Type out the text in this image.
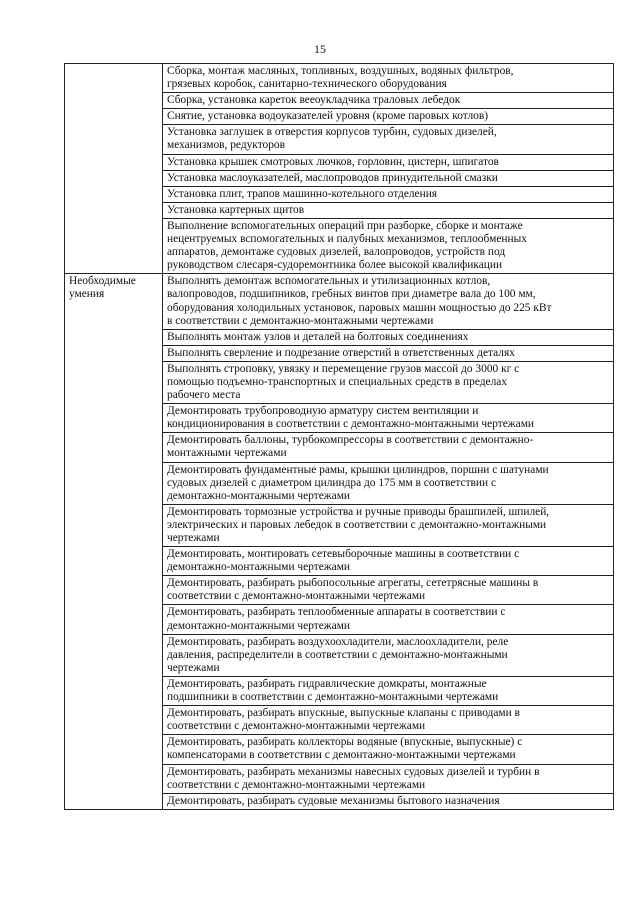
15
	Сборка, монтаж масляных, топливных, воздушных, водяных фильтров,
грязевых коробок, санитарно-технического оборудования
	Сборка, установка кареток вееоукладчика траловых лебедок
	Снятие, установка водоуказателей уровня (кроме паровых котлов)
	Установка заглушек в отверстия корпусов турбин, судовых дизелей,
механизмов, редукторов
	Установка крышек смотровых лючков, горловин, цистерн, шпигатов
	Установка маслоуказателей, маслопроводов принудительной смазки
	Установка плит, трапов машинно-котельного отделения
	Установка картерных щитов
	Выполнение вспомогательных операций при разборке, сборке и монтаже
нецентруемых вспомогательных и палубных механизмов, теплообменных
аппаратов, демонтаже судовых дизелей, валопроводов, устройств под
руководством слесаря-судоремонтника более высокой квалификации
Необходимые
умения	Выполнять демонтаж вспомогательных и утилизационных котлов,
валопроводов, подшипников, гребных винтов при диаметре вала до 100 мм,
оборудования холодильных установок, паровых машин мощностью до 225 кВт
в соответствии с демонтажно-монтажными чертежами
	Выполнять монтаж узлов и деталей на болтовых соединениях
	Выполнять сверление и подрезание отверстий в ответственных деталях
	Выполнять строповку, увязку и перемещение грузов массой до 3000 кг с
помощью подъемно-транспортных и специальных средств в пределах
рабочего места
	Демонтировать трубопроводную арматуру систем вентиляции и
кондиционирования в соответствии с демонтажно-монтажными чертежами
	Демонтировать баллоны, турбокомпрессоры в соответствии с демонтажно-
монтажными чертежами
	Демонтировать фундаментные рамы, крышки цилиндров, поршни с шатунами
судовых дизелей с диаметром цилиндра до 175 мм в соответствии с
демонтажно-монтажными чертежами
	Демонтировать тормозные устройства и ручные приводы брашпилей, шпилей,
электрических и паровых лебедок в соответствии с демонтажно-монтажными
чертежами
	Демонтировать, монтировать сетевыборочные машины в соответствии с
демонтажно-монтажными чертежами
	Демонтировать, разбирать рыбопосольные агрегаты, сететрясные машины в
соответствии с демонтажно-монтажными чертежами
	Демонтировать, разбирать теплообменные аппараты в соответствии с
демонтажно-монтажными чертежами
	Демонтировать, разбирать воздухоохладители, маслоохладители, реле
давления, распределители в соответствии с демонтажно-монтажными
чертежами
	Демонтировать, разбирать гидравлические домкраты, монтажные
подшипники в соответствии с демонтажно-монтажными чертежами
	Демонтировать, разбирать впускные, выпускные клапаны с приводами в
соответствии с демонтажно-монтажными чертежами
	Демонтировать, разбирать коллекторы водяные (впускные, выпускные) с
компенсаторами в соответствии с демонтажно-монтажными чертежами
	Демонтировать, разбирать механизмы навесных судовых дизелей и турбин в
соответствии с демонтажно-монтажными чертежами
	Демонтировать, разбирать судовые механизмы бытового назначения
